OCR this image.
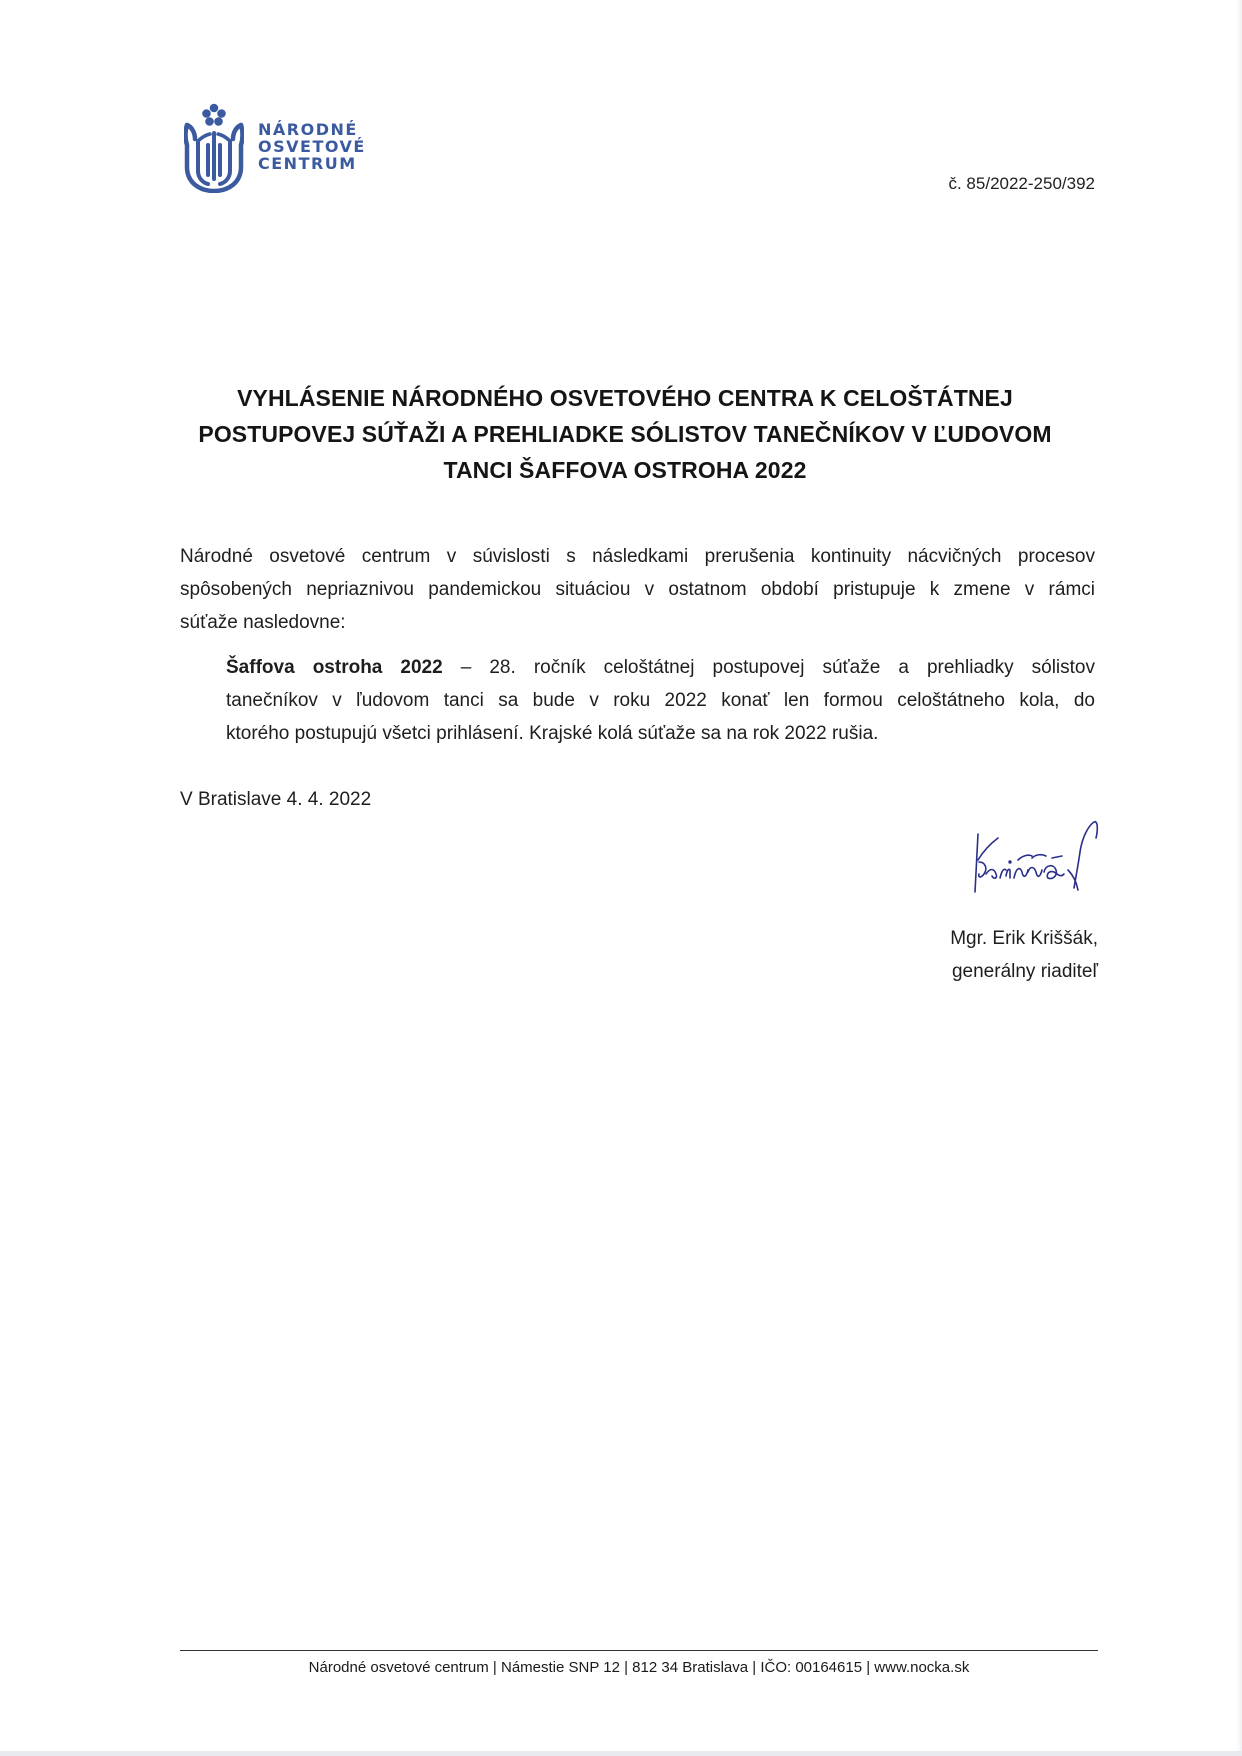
NÁRODNÉ
OSVETOVÉ
CENTRUM
č. 85/2022-250/392
VYHLÁSENIE NÁRODNÉHO OSVETOVÉHO CENTRA K CELOŠTÁTNEJ
POSTUPOVEJ SÚŤAŽI A PREHLIADKE SÓLISTOV TANEČNÍKOV V ĽUDOVOM
TANCI ŠAFFOVA OSTROHA 2022
Národné osvetové centrum v súvislosti s následkami prerušenia kontinuity nácvičných procesov
spôsobených nepriaznivou pandemickou situáciou v ostatnom období pristupuje k zmene v rámci
súťaže nasledovne:
Šaffova ostroha 2022 – 28. ročník celoštátnej postupovej súťaže a prehliadky sólistov
tanečníkov v ľudovom tanci sa bude v roku 2022 konať len formou celoštátneho kola, do
ktorého postupujú všetci prihlásení. Krajské kolá súťaže sa na rok 2022 rušia.
V Bratislave 4. 4. 2022
Mgr. Erik Kriššák,
generálny riaditeľ
Národné osvetové centrum | Námestie SNP 12 | 812 34 Bratislava | IČO: 00164615 | www.nocka.sk
